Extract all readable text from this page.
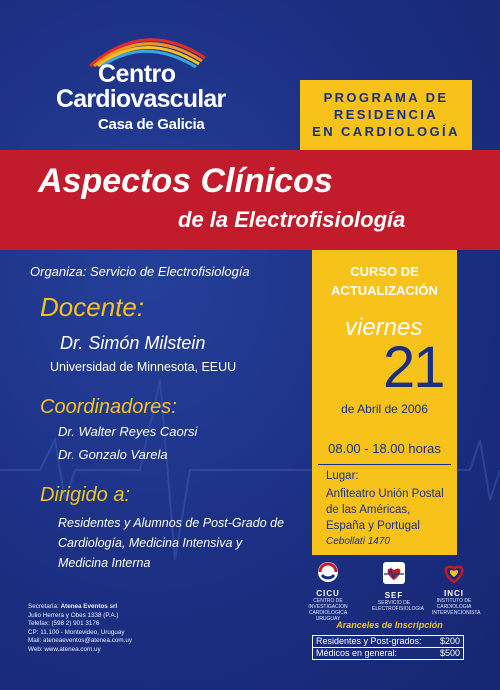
Centro
Cardiovascular
Casa de Galicia
PROGRAMA DE
RESIDENCIA
EN CARDIOLOGÍA
Aspectos Clínicos
de la Electrofisiología
Organiza: Servicio de Electrofisiología
Docente:
Dr. Simón Milstein
Universidad de Minnesota, EEUU
Coordinadores:
Dr. Walter Reyes Caorsi
Dr. Gonzalo Varela
Dirigido a:
Residentes y Alumnos de Post-Grado de
Cardiología, Medicina Intensiva y
Medicina Interna
CURSO DE
ACTUALIZACIÓN
viernes
21
de Abril de 2006
08.00 - 18.00 horas
Lugar:
Anfiteatro Unión Postal
de las Américas,
España y Portugal
Cebollati 1470
CICU
CENTRO DE INVESTIGACION CARDIOLOGICA URUGUAY
SEF
SERVICIO DE ELECTROFISIOLOGIA
INCI
INSTITUTO DE CARDIOLOGIA INTERVENCIONISTA
Secretaría: Atenea Eventos srl
Julio Herrera y Obes 1338 (P.A.)
Telefax: (598 2) 901 3176
CP: 11.100 - Montevideo, Uruguay
Mail: ateneaeventos@atenea.com.uy
Web: www.atenea.com.uy
Aranceles de Inscripción
Residentes y Post-grados: $200
Médicos en general:	$500
